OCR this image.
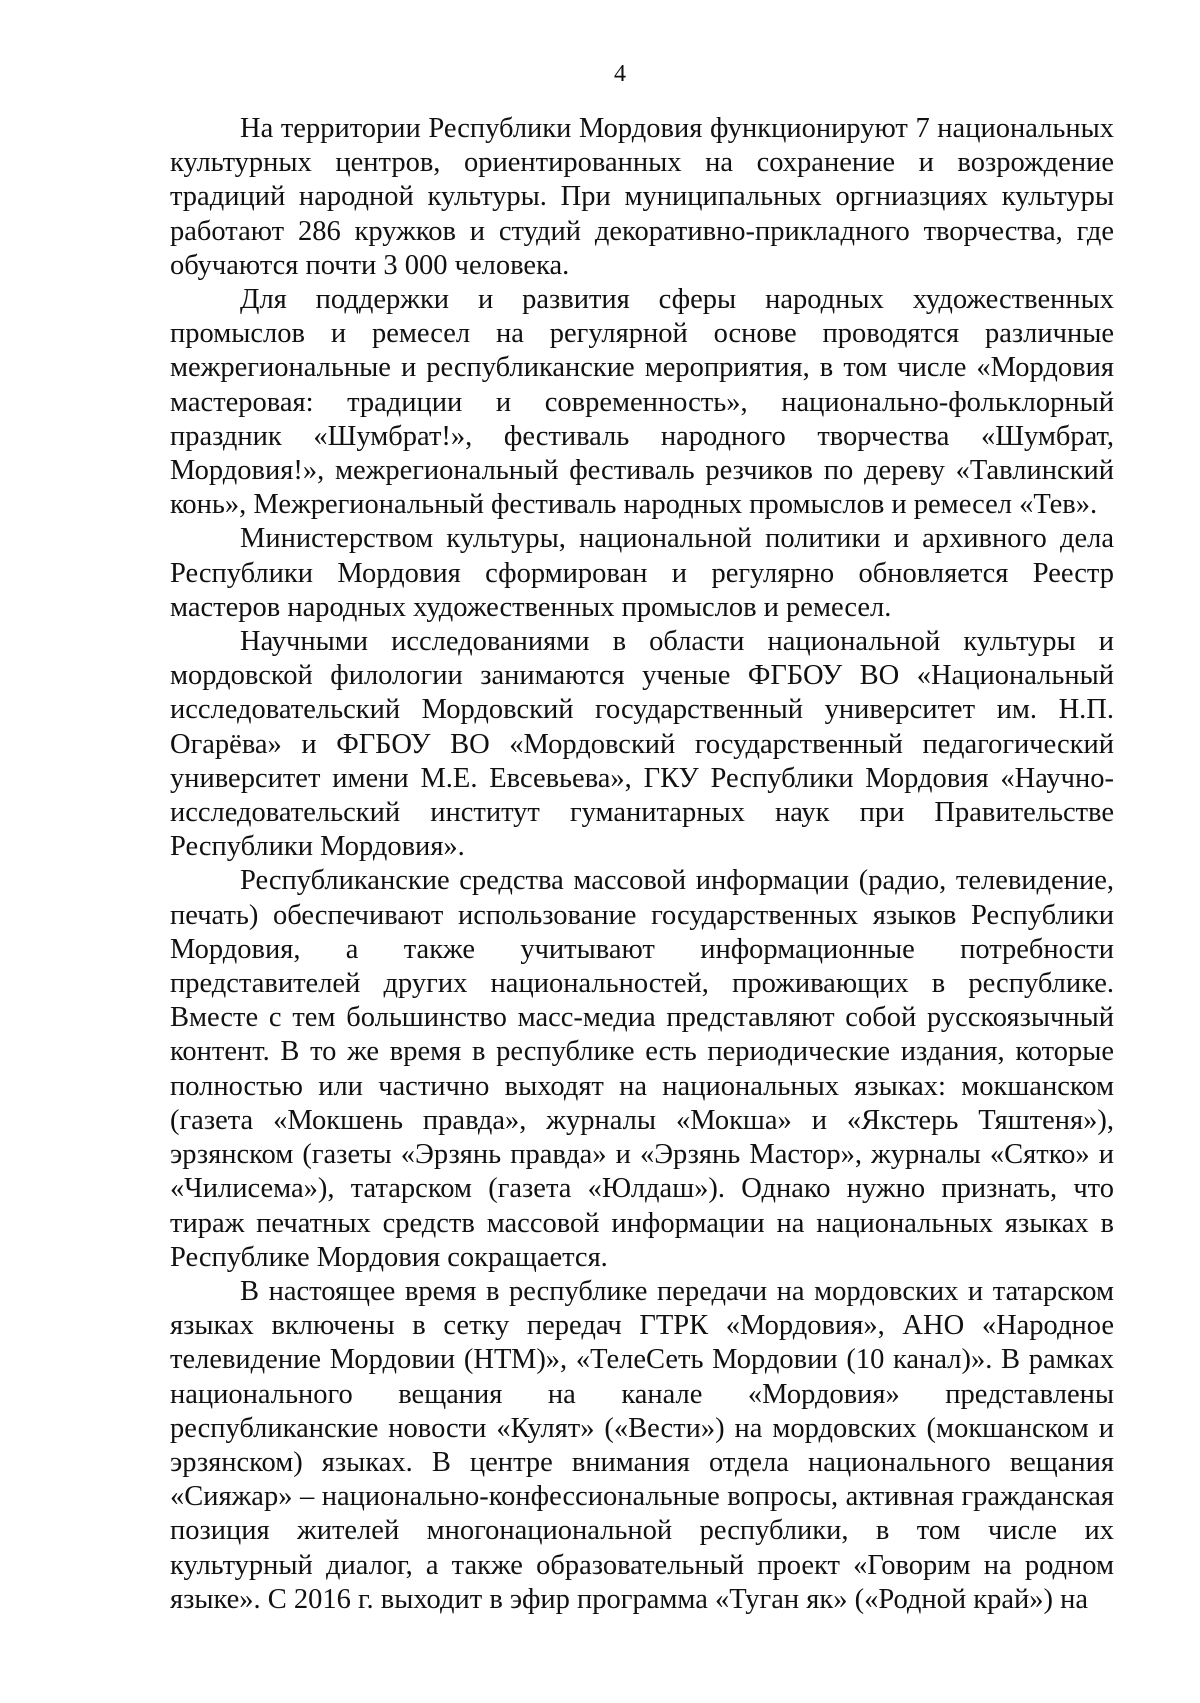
4

На территории Республики Мордовия функционируют 7 национальных культурных центров, ориентированных на сохранение и возрождение традиций народной культуры. При муниципальных оргниазциях культуры работают 286 кружков и студий декоративно-прикладного творчества, где обучаются почти 3 000 человека.

Для поддержки и развития сферы народных художественных промыслов и ремесел на регулярной основе проводятся различные межрегиональные и республиканские мероприятия, в том числе «Мордовия мастеровая: традиции и современность», национально-фольклорный праздник «Шумбрат!», фестиваль народного творчества «Шумбрат, Мордовия!», межрегиональный фестиваль резчиков по дереву «Тавлинский конь», Межрегиональный фестиваль народных промыслов и ремесел «Тев».

Министерством культуры, национальной политики и архивного дела Республики Мордовия сформирован и регулярно обновляется Реестр мастеров народных художественных промыслов и ремесел.

Научными исследованиями в области национальной культуры и мордовской филологии занимаются ученые ФГБОУ ВО «Национальный исследовательский Мордовский государственный университет им. Н.П. Огарёва» и ФГБОУ ВО «Мордовский государственный педагогический университет имени М.Е. Евсевьева», ГКУ Республики Мордовия «Научно-исследовательский институт гуманитарных наук при Правительстве Республики Мордовия».

Республиканские средства массовой информации (радио, телевидение, печать) обеспечивают использование государственных языков Республики Мордовия, а также учитывают информационные потребности представителей других национальностей, проживающих в республике. Вместе с тем большинство масс-медиа представляют собой русскоязычный контент. В то же время в республике есть периодические издания, которые полностью или частично выходят на национальных языках: мокшанском (газета «Мокшень правда», журналы «Мокша» и «Якстерь Тяштеня»), эрзянском (газеты «Эрзянь правда» и «Эрзянь Мастор», журналы «Сятко» и «Чилисема»), татарском (газета «Юлдаш»). Однако нужно признать, что тираж печатных средств массовой информации на национальных языках в Республике Мордовия сокращается.

В настоящее время в республике передачи на мордовских и татарском языках включены в сетку передач ГТРК «Мордовия», АНО «Народное телевидение Мордовии (НТМ)», «ТелеСеть Мордовии (10 канал)». В рамках национального вещания на канале «Мордовия» представлены республиканские новости «Кулят» («Вести») на мордовских (мокшанском и эрзянском) языках. В центре внимания отдела национального вещания «Сияжар» – национально-конфессиональные вопросы, активная гражданская позиция жителей многонациональной республики, в том числе их культурный диалог, а также образовательный проект «Говорим на родном языке». С 2016 г. выходит в эфир программа «Туган як» («Родной край») на
